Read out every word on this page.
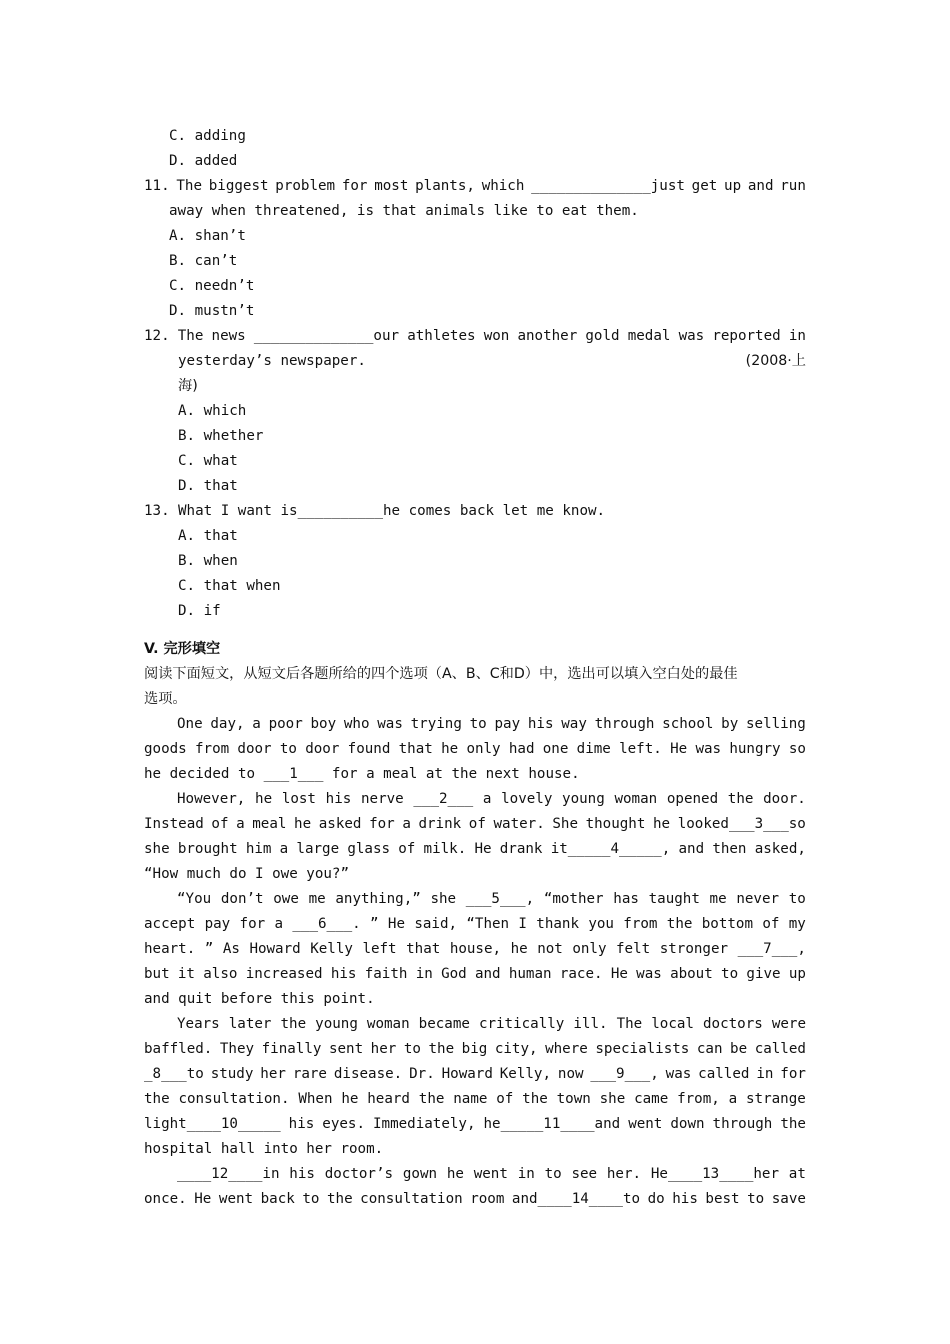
C. adding
D. added
11. The biggest problem for most plants, which ______________just get up and run
away when threatened, is that animals like to eat them.
A. shan’t
B. can’t
C. needn’t
D. mustn’t
12. The news ______________our athletes won another gold medal was reported in
yesterday’s newspaper.	(2008·上
海)
A. which
B. whether
C. what
D. that
13. What I want is__________he comes back let me know.
A. that
B. when
C. that when
D. if
V. 完形填空
阅读下面短文，从短文后各题所给的四个选项（A、B、C和D）中，选出可以填入空白处的最佳
选项。
One day, a poor boy who was trying to pay his way through school by selling
goods from door to door found that he only had one dime left. He was hungry so
he decided to ___1___ for a meal at the next house.
However, he lost his nerve ___2___ a lovely young woman opened the door.
Instead of a meal he asked for a drink of water. She thought he looked___3___so
she brought him a large glass of milk. He drank it_____4_____, and then asked,
“How much do I owe you?”
“You don’t owe me anything,” she ___5___, “mother has taught me never to
accept pay for a ___6___. ” He said, “Then I thank you from the bottom of my
heart. ” As Howard Kelly left that house, he not only felt stronger ___7___,
but it also increased his faith in God and human race. He was about to give up
and quit before this point.
Years later the young woman became critically ill. The local doctors were
baffled. They finally sent her to the big city, where specialists can be called
_8___to study her rare disease. Dr. Howard Kelly, now ___9___, was called in for
the consultation. When he heard the name of the town she came from, a strange
light____10_____ his eyes. Immediately, he_____11____and went down through the
hospital hall into her room.
____12____in his doctor’s gown he went in to see her. He____13____her at
once. He went back to the consultation room and____14____to do his best to save
